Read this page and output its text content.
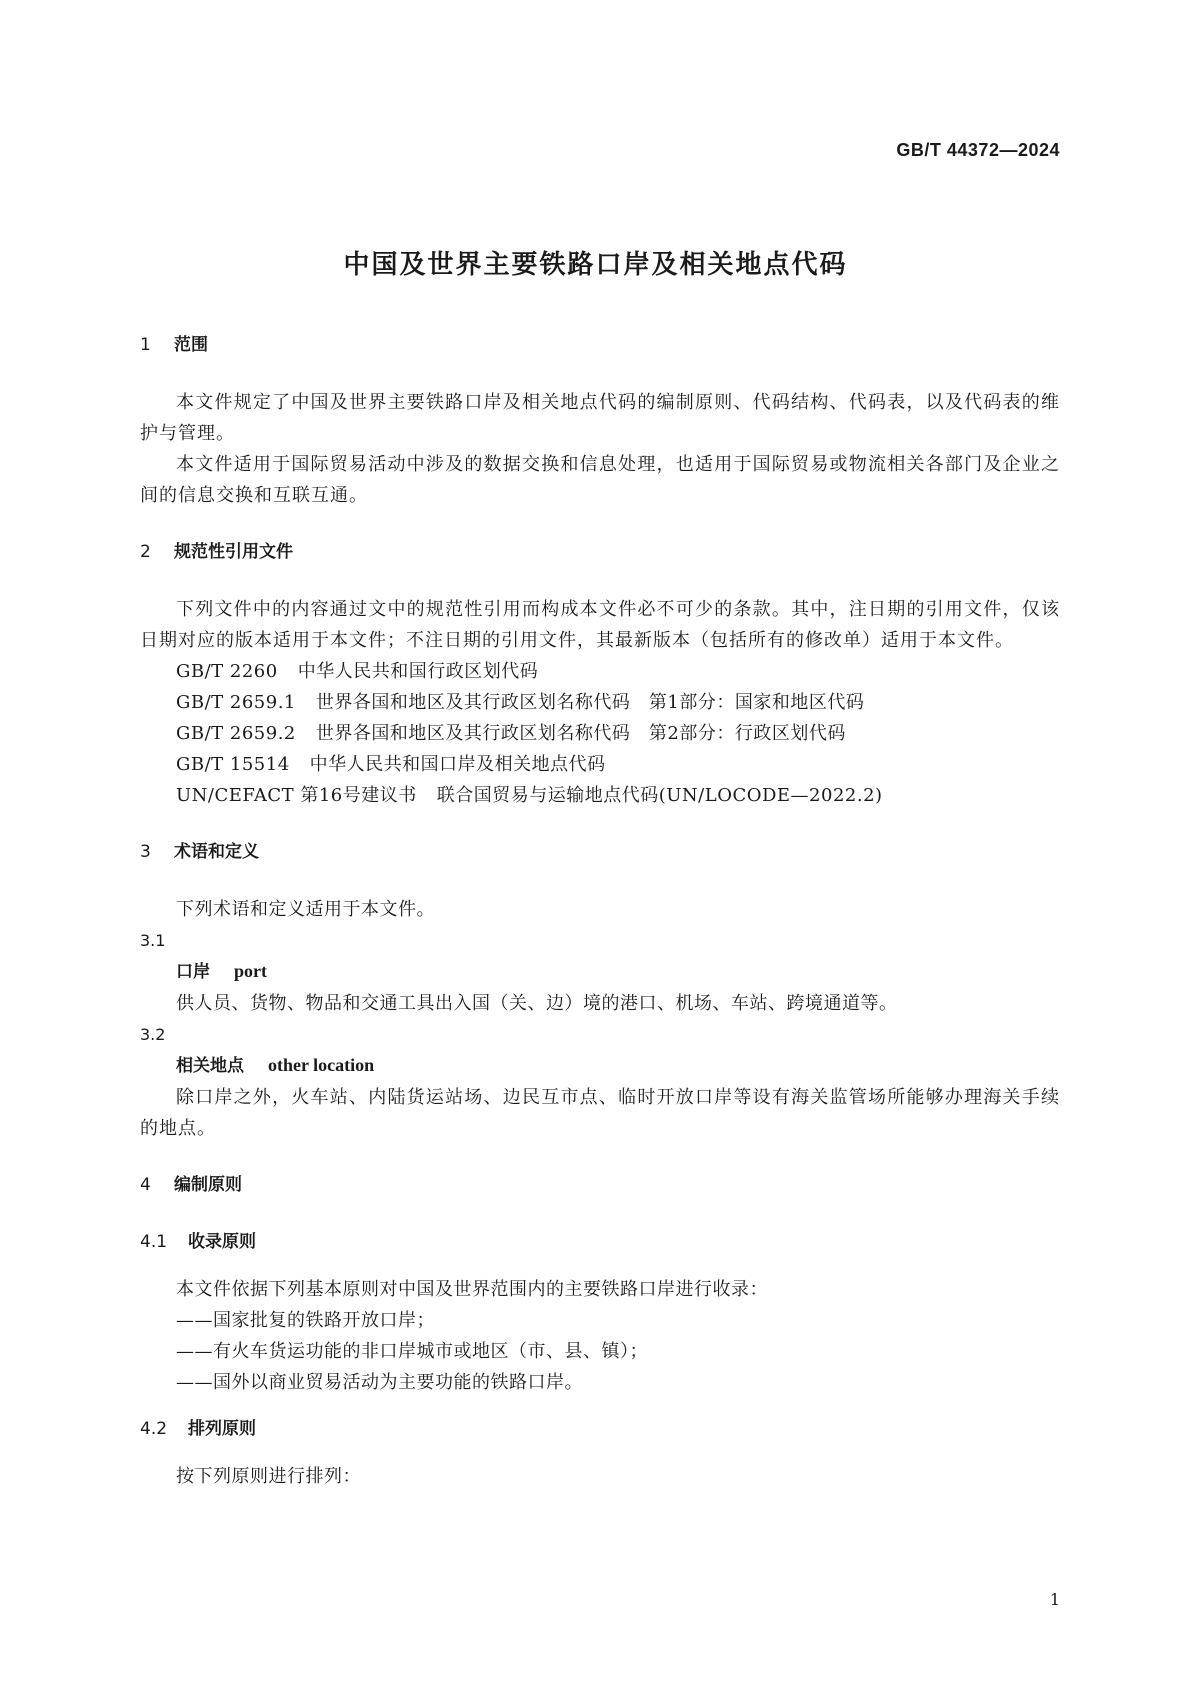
GB/T 44372—2024
中国及世界主要铁路口岸及相关地点代码
1	范围
本文件规定了中国及世界主要铁路口岸及相关地点代码的编制原则、代码结构、代码表，以及代码表的维护与管理。
本文件适用于国际贸易活动中涉及的数据交换和信息处理，也适用于国际贸易或物流相关各部门及企业之间的信息交换和互联互通。
2	规范性引用文件
下列文件中的内容通过文中的规范性引用而构成本文件必不可少的条款。其中，注日期的引用文件，仅该日期对应的版本适用于本文件；不注日期的引用文件，其最新版本（包括所有的修改单）适用于本文件。
GB/T 2260 中华人民共和国行政区划代码
GB/T 2659.1 世界各国和地区及其行政区划名称代码　第1部分：国家和地区代码
GB/T 2659.2 世界各国和地区及其行政区划名称代码　第2部分：行政区划代码
GB/T 15514 中华人民共和国口岸及相关地点代码
UN/CEFACT 第16号建议书 联合国贸易与运输地点代码(UN/LOCODE—2022.2)
3	术语和定义
下列术语和定义适用于本文件。
3.1
口岸 port
供人员、货物、物品和交通工具出入国（关、边）境的港口、机场、车站、跨境通道等。
3.2
相关地点 other location
除口岸之外，火车站、内陆货运站场、边民互市点、临时开放口岸等设有海关监管场所能够办理海关手续的地点。
4	编制原则
4.1	收录原则
本文件依据下列基本原则对中国及世界范围内的主要铁路口岸进行收录：
——国家批复的铁路开放口岸；
——有火车货运功能的非口岸城市或地区（市、县、镇）；
——国外以商业贸易活动为主要功能的铁路口岸。
4.2	排列原则
按下列原则进行排列：
1
